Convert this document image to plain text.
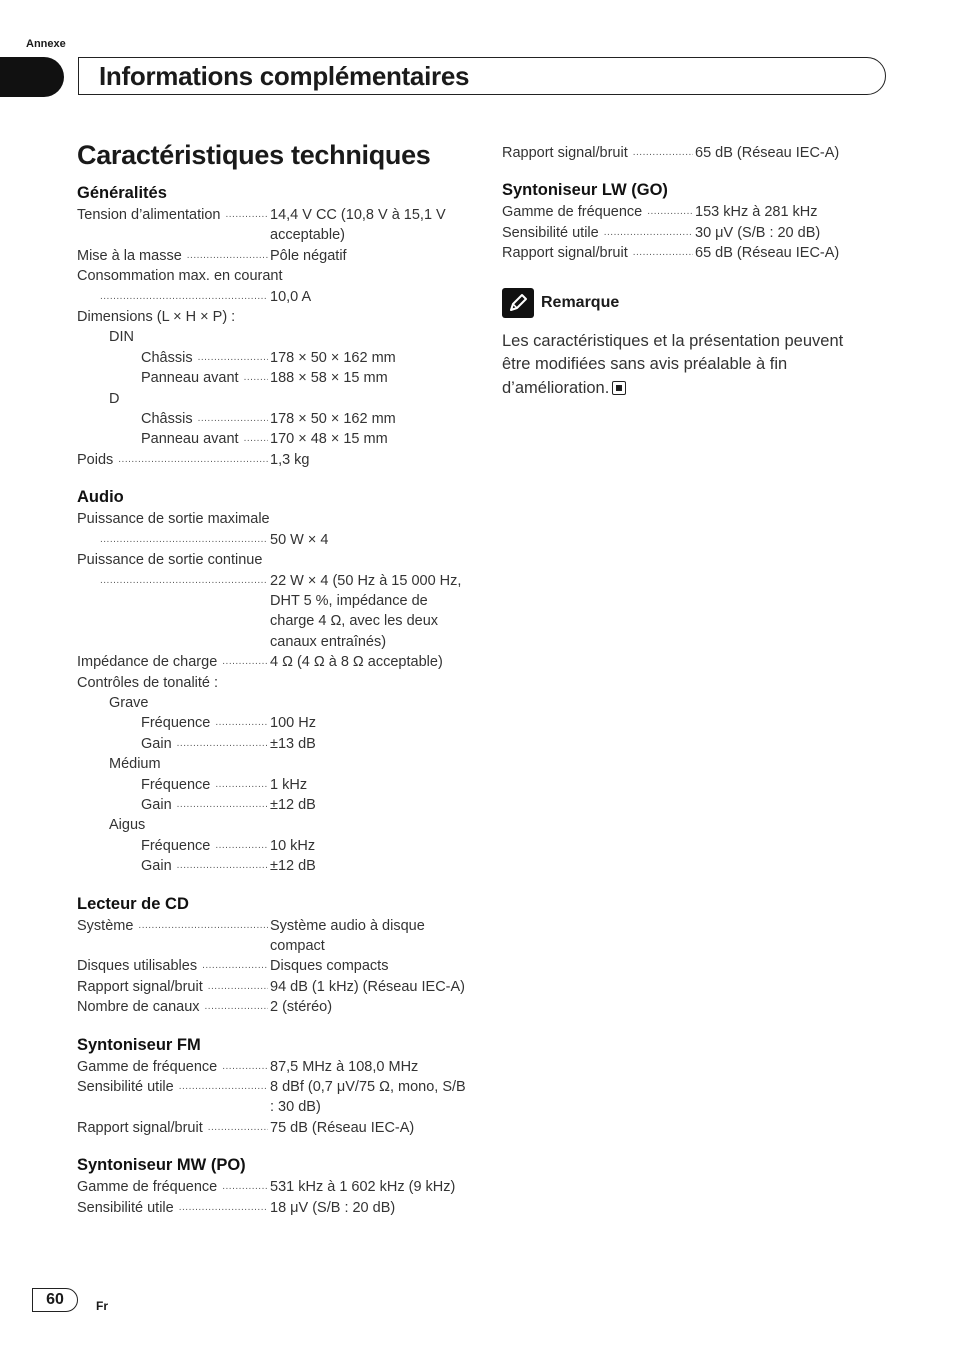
Annexe
Informations complémentaires
Caractéristiques techniques
Généralités
Tension d’alimentation .....	14,4 V CC (10,8 V à 15,1 V acceptable)
Mise à la masse .....	Pôle négatif
Consommation max. en courant
.....
10,0 A
Dimensions (L × H × P) :
DIN
Châssis .....	178 × 50 × 162 mm
Panneau avant ..... 188 × 58 × 15 mm
D
Châssis .....	178 × 50 × 162 mm
Panneau avant ..... 170 × 48 × 15 mm
Poids .....	1,3 kg
Audio
Puissance de sortie maximale
.....
50 W × 4
Puissance de sortie continue
.....
22 W × 4 (50 Hz à 15 000 Hz, DHT 5 %, impédance de charge 4 Ω, avec les deux canaux entraînés)
Impédance de charge .....	4 Ω (4 Ω à 8 Ω acceptable)
Contrôles de tonalité :
Grave
Fréquence .....	100 Hz
Gain .....	±13 dB
Médium
Fréquence .....	1 kHz
Gain .....	±12 dB
Aigus
Fréquence .....	10 kHz
Gain .....	±12 dB
Lecteur de CD
Système .....	Système audio à disque compact
Disques utilisables .....	Disques compacts
Rapport signal/bruit .....	94 dB (1 kHz) (Réseau IEC-A)
Nombre de canaux .....	2 (stéréo)
Syntoniseur FM
Gamme de fréquence .....	87,5 MHz à 108,0 MHz
Sensibilité utile .....	8 dBf (0,7 μV/75 Ω, mono, S/B : 30 dB)
Rapport signal/bruit .....	75 dB (Réseau IEC-A)
Syntoniseur MW (PO)
Gamme de fréquence .....	531 kHz à 1 602 kHz (9 kHz)
Sensibilité utile .....	18 μV (S/B : 20 dB)
Rapport signal/bruit .....	65 dB (Réseau IEC-A)
Syntoniseur LW (GO)
Gamme de fréquence .....	153 kHz à 281 kHz
Sensibilité utile .....	30 μV (S/B : 20 dB)
Rapport signal/bruit .....	65 dB (Réseau IEC-A)
Remarque
Les caractéristiques et la présentation peuvent être modifiées sans avis préalable à fin d’amélioration.
60	Fr
